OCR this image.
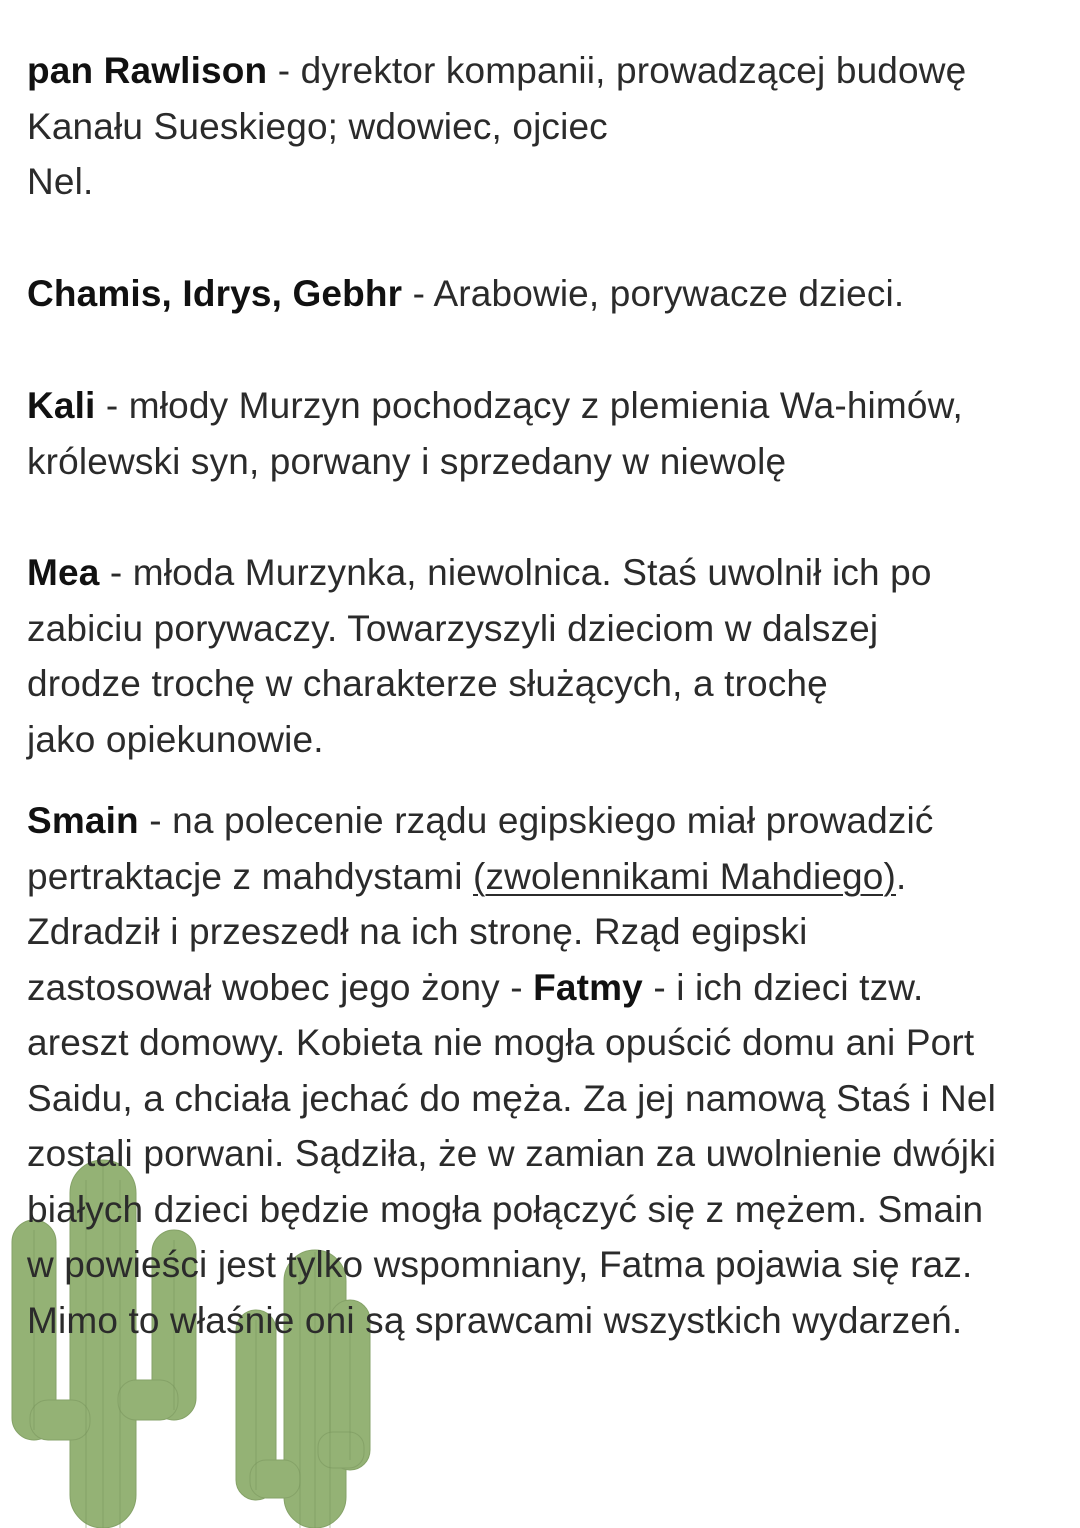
pan Rawlison - dyrektor kompanii, prowadzącej budowę
Kanału Sueskiego; wdowiec, ojciec
Nel.
Chamis, Idrys, Gebhr - Arabowie, porywacze dzieci.
Kali - młody Murzyn pochodzący z plemienia Wa-himów,
królewski syn, porwany i sprzedany w niewolę
Mea - młoda Murzynka, niewolnica. Staś uwolnił ich po
zabiciu porywaczy. Towarzyszyli dzieciom w dalszej
drodze trochę w charakterze służących, a trochę
jako opiekunowie.
Smain - na polecenie rządu egipskiego miał prowadzić
pertraktacje z mahdystami (zwolennikami Mahdiego).
Zdradził i przeszedł na ich stronę. Rząd egipski
zastosował wobec jego żony - Fatmy - i ich dzieci tzw.
areszt domowy. Kobieta nie mogła opuścić domu ani Port
Saidu, a chciała jechać do męża. Za jej namową Staś i Nel
zostali porwani. Sądziła, że w zamian za uwolnienie dwójki
białych dzieci będzie mogła połączyć się z mężem. Smain
w powieści jest tylko wspomniany, Fatma pojawia się raz.
Mimo to właśnie oni są sprawcami wszystkich wydarzeń.
